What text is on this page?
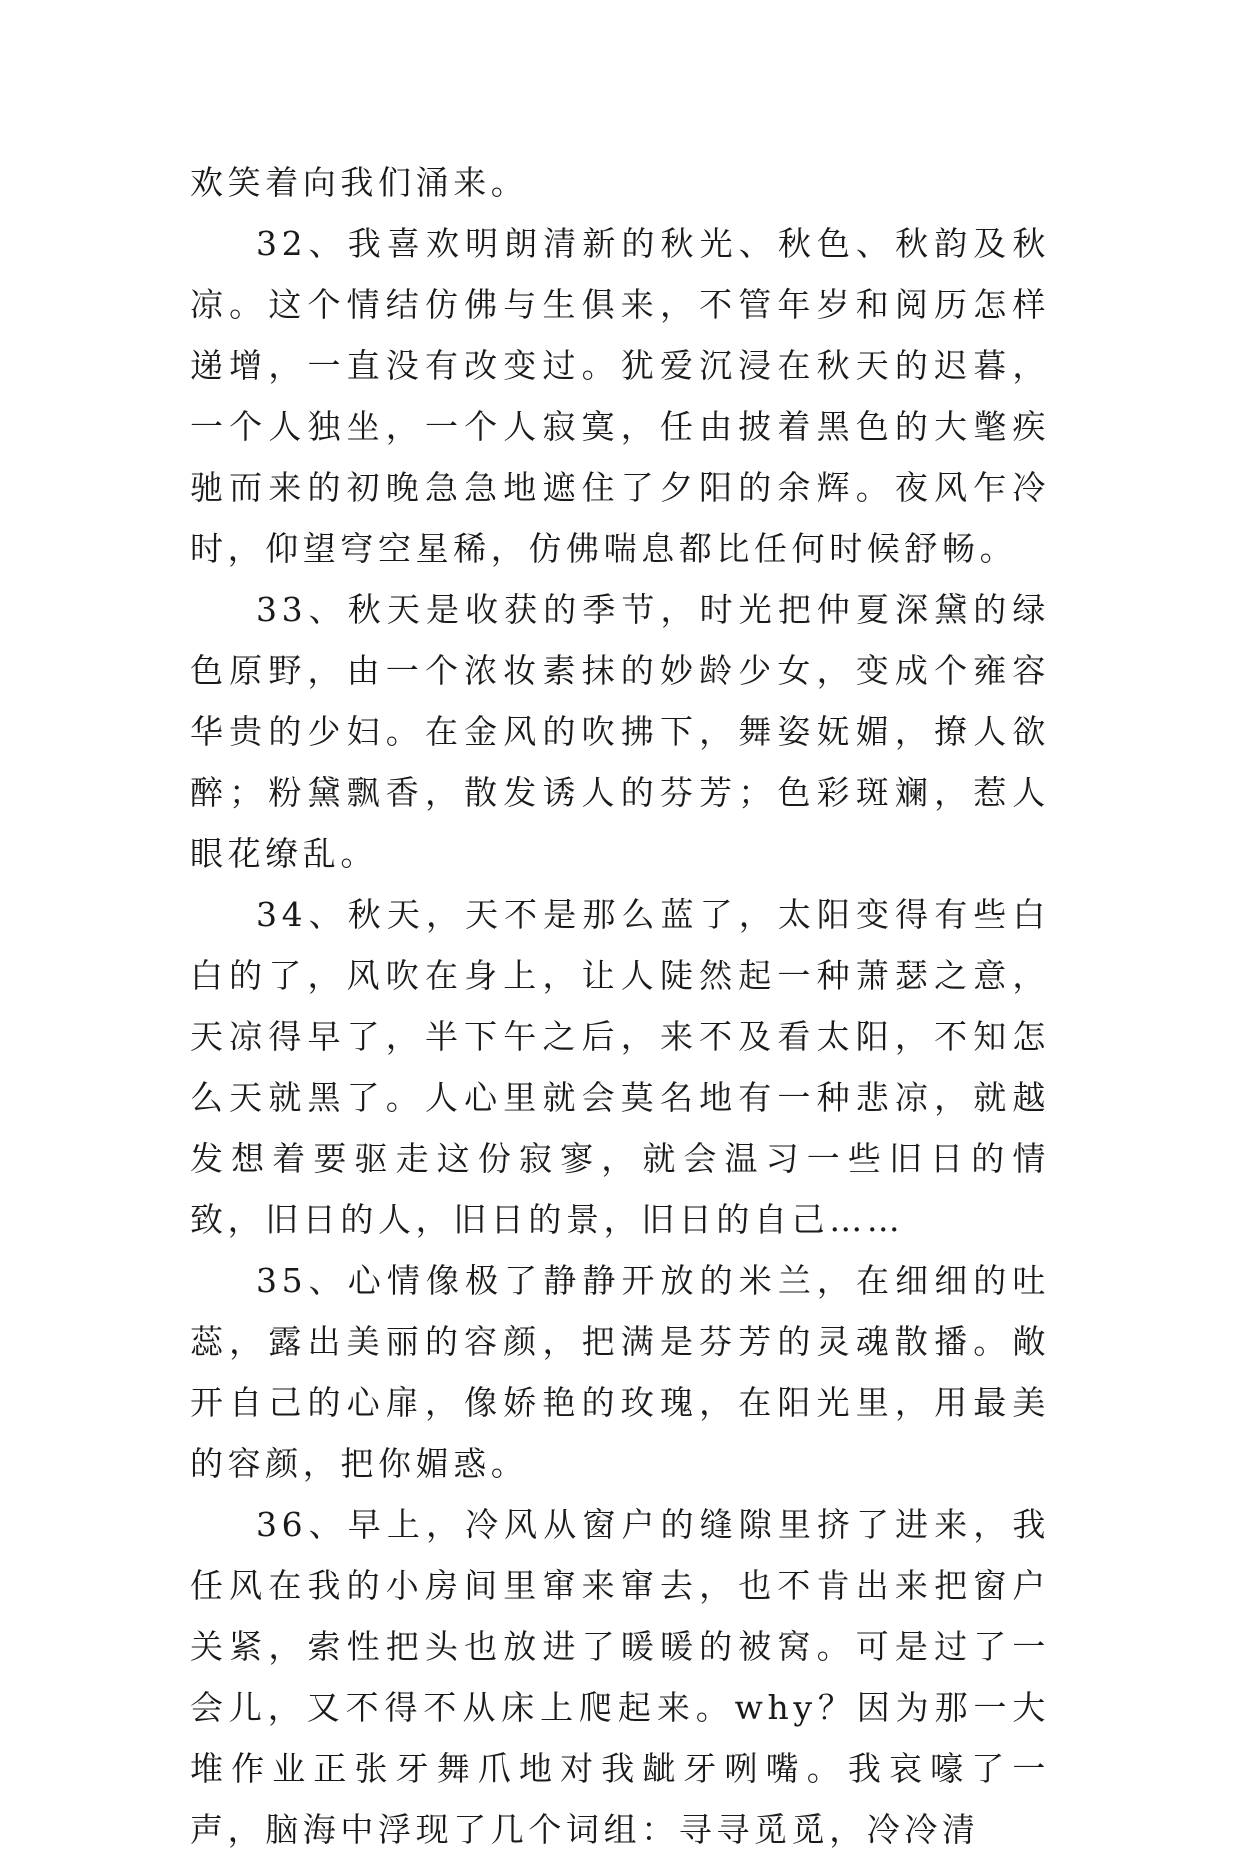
欢笑着向我们涌来。

32、我喜欢明朗清新的秋光、秋色、秋韵及秋凉。这个情结仿佛与生俱来，不管年岁和阅历怎样递增，一直没有改变过。犹爱沉浸在秋天的迟暮，一个人独坐，一个人寂寞，任由披着黑色的大氅疾驰而来的初晚急急地遮住了夕阳的余辉。夜风乍冷时，仰望穹空星稀，仿佛喘息都比任何时候舒畅。

33、秋天是收获的季节，时光把仲夏深黛的绿色原野，由一个浓妆素抹的妙龄少女，变成个雍容华贵的少妇。在金风的吹拂下，舞姿妩媚，撩人欲醉；粉黛飘香，散发诱人的芬芳；色彩斑斓，惹人眼花缭乱。

34、秋天，天不是那么蓝了，太阳变得有些白白的了，风吹在身上，让人陡然起一种萧瑟之意，天凉得早了，半下午之后，来不及看太阳，不知怎么天就黑了。人心里就会莫名地有一种悲凉，就越发想着要驱走这份寂寥，就会温习一些旧日的情致，旧日的人，旧日的景，旧日的自己……

35、心情像极了静静开放的米兰，在细细的吐蕊，露出美丽的容颜，把满是芬芳的灵魂散播。敞开自己的心扉，像娇艳的玫瑰，在阳光里，用最美的容颜，把你媚惑。

36、早上，冷风从窗户的缝隙里挤了进来，我任风在我的小房间里窜来窜去，也不肯出来把窗户关紧，索性把头也放进了暖暖的被窝。可是过了一会儿，又不得不从床上爬起来。why？因为那一大堆作业正张牙舞爪地对我龇牙咧嘴。我哀嚎了一声，脑海中浮现了几个词组：寻寻觅觅，冷冷清
